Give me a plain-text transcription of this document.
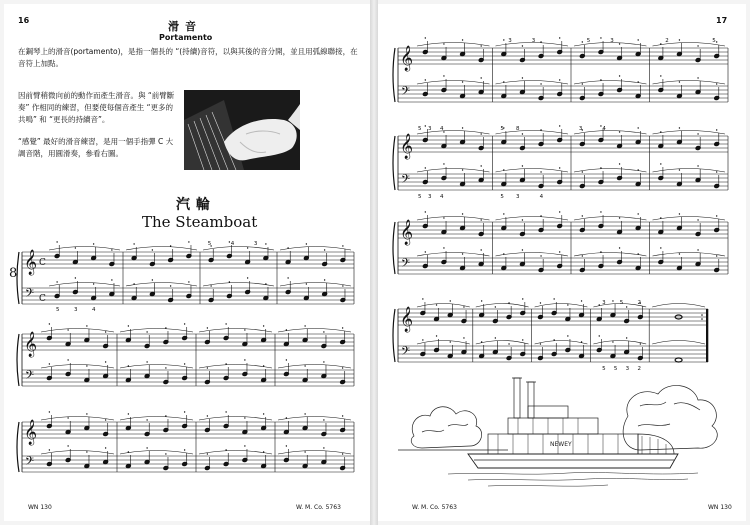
16	滑音
Portamento
在鋼琴上的滑音(portamento)，是指一個長的 “(持續)音符，以與其後的音分開，並且用弧線聯接，在音符上加點。
因前臂稍微向前的動作而產生滑音。與 “前臂斷奏” 作相同的練習，但要使每個音產生 “更多的共鳴” 和 “更長的持續音”。
“感覺” 最好的滑音練習，是用一個手指彈 C 大調音階，用圓滑奏，參看右圖。
汽輪
The Steamboat
8 𝄞
𝄢
C
C
5	4	3
5	3	4
𝄞
𝄢
𝄞
𝄢
WN 130	W. M. Co. 5763
17
𝄞
𝄢
3	3	5	3	2	5
𝄞
𝄢
5 3 4	5 8	3	4
5 3 4	5 3	4
𝄞
𝄢
𝄞
𝄢
3	5	2
5 5 3 2
NEWEY
W. M. Co. 5763	WN 130
